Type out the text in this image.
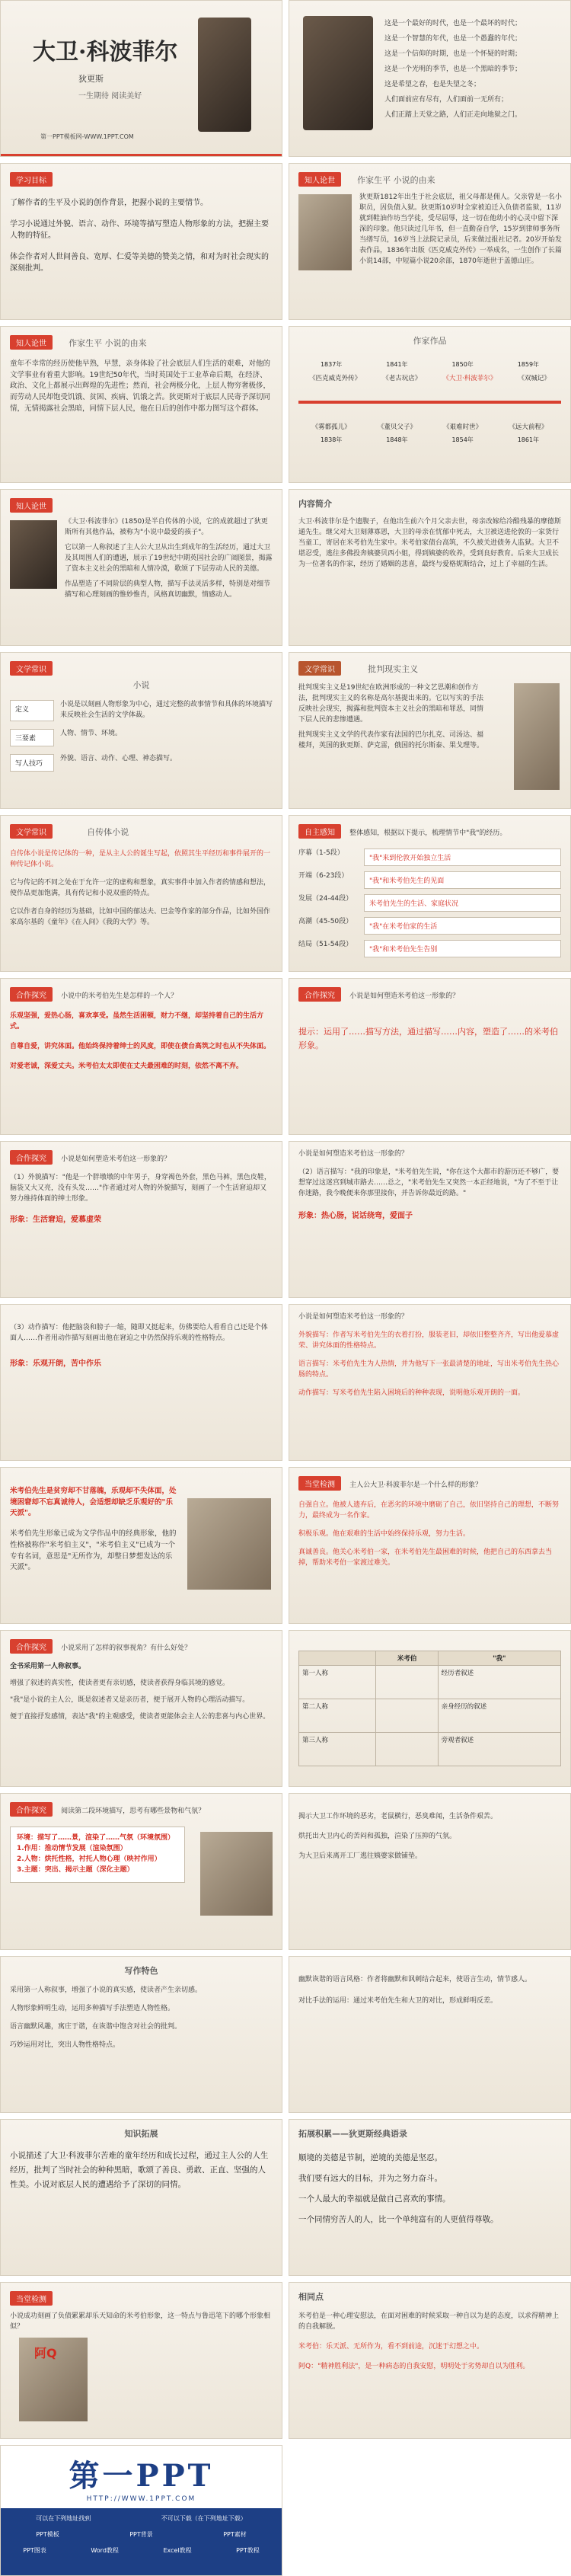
大卫·科波菲尔
狄更斯
一生期待 阅读美好
第一PPT模板网-WWW.1PPT.COM
这是一个最好的时代，也是一个最坏的时代；
这是一个智慧的年代，也是一个愚蠢的年代；
这是一个信仰的时期，也是一个怀疑的时期；
这是一个光明的季节，也是一个黑暗的季节；
这是希望之春，也是失望之冬；
人们面前应有尽有，人们面前一无所有；
人们正踏上天堂之路，人们正走向地狱之门。
学习目标
了解作者的生平及小说的创作背景，把握小说的主要情节。
学习小说通过外貌、语言、动作、环境等描写塑造人物形象的方法，把握主要人物的特征。
体会作者对人世间善良、宽厚、仁爱等美德的赞美之情，和对为时社会现实的深刻批判。
知人论世	作家生平 小说的由来
狄更斯1812年出生于社会底层，祖父母都是佣人。父亲曾是一名小职员，因负债入狱。狄更斯10岁时全家被迫迁入负债者监狱，11岁就到鞋油作坊当学徒，受尽屈辱，这一切在他幼小的心灵中留下深深的印象。他只读过几年书，但一直勤奋自学，15岁到律师事务所当缮写员，16岁当上法院记录员，后来做过报社记者。20岁开始发表作品，1836年出版《匹克威克外传》一举成名，一生创作了长篇小说14部，中短篇小说20余部，1870年逝世于盖德山庄。
知人论世	作家生平 小说的由来
童年不幸常的经历使他早熟，早慧，亲身体验了社会底层人们生活的艰难，对他的文学事业有着重大影响。19世纪50年代，当时英国处于工业革命后期，在经济、政治、文化上都展示出辉煌的先进性；然而，社会两极分化，上层人物穷奢极侈，而劳动人民却饱受饥饿、贫困、疾病、饥饿之苦。狄更斯对于底层人民寄予深切同情，无情揭露社会黑暗，同情下层人民，他在日后的创作中都力图写这个群体。
作家作品
1837年	1841年	1850年	1859年
《匹克威克外传》	《老古玩店》	《大卫·科波菲尔》	《双城记》
《雾都孤儿》	《董贝父子》	《艰难时世》	《远大前程》
1838年	1848年	1854年	1861年
知人论世
《大卫·科波菲尔》(1850)是半自传体的小说，它的成就超过了狄更斯所有其他作品，被称为"小说中最爱的孩子"。
它以第一人称叙述了主人公大卫从出生到成年的生活经历，通过大卫及其周围人们的遭遇，展示了19世纪中期英国社会的广阔图景，揭露了资本主义社会的黑暗和人情冷漠，歌颂了下层劳动人民的美德。
作品塑造了不同阶层的典型人物，描写手法灵活多样，特别是对细节描写和心理刻画的惟妙惟肖，风格真切幽默，情感动人。
内容简介
大卫·科波菲尔是个遗腹子，在他出生前六个月父亲去世，母亲改嫁给冷酷残暴的摩德斯通先生。继父对大卫刻薄寡恩，大卫的母亲在忧郁中死去，大卫被送进伦敦的一家货行当童工，寄居在米考伯先生家中。米考伯家债台高筑，不久被关进债务人监狱。大卫不堪忍受，逃往多佛投奔姨婆贝西小姐，得到姨婆的收养，受到良好教育。后来大卫成长为一位著名的作家，经历了婚姻的悲喜，最终与爱格妮斯结合，过上了幸福的生活。
文学常识
小说
定义
小说是以刻画人物形象为中心，通过完整的故事情节和具体的环境描写来反映社会生活的文学体裁。
三要素
人物、情节、环境。
写人技巧
外貌、语言、动作、心理、神态描写。
文学常识	批判现实主义
批判现实主义是19世纪在欧洲形成的一种文艺思潮和创作方法，批判现实主义的名称是高尔基提出来的。它以写实的手法反映社会现实，揭露和批判资本主义社会的黑暗和罪恶，同情下层人民的悲惨遭遇。
批判现实主义文学的代表作家有法国的巴尔扎克、司汤达、福楼拜，英国的狄更斯、萨克雷，俄国的托尔斯泰、果戈理等。
文学常识	自传体小说
自传体小说是传记体的一种，是从主人公的诞生写起，依照其生平经历和事件展开的一种传记体小说。
它与传记的不同之处在于允许一定的虚构和想象，真实事件中加入作者的情感和想法，使作品更加饱满，具有传记和小说双重的特点。
它以作者自身的经历为基础，比如中国的郁达夫、巴金等作家的部分作品，比如外国作家高尔基的《童年》《在人间》《我的大学》等。
自主感知 整体感知，根据以下提示，梳理情节中"我"的经历。
序幕（1-5段）
"我"来到伦敦开始独立生活
开端（6-23段）
"我"和米考伯先生的见面
发展（24-44段）
米考伯先生的生活、家庭状况
高潮（45-50段）
"我"在米考伯家的生活
结局（51-54段）
"我"和米考伯先生告别
合作探究 小说中的米考伯先生是怎样的一个人？
乐观坚强，爱热心肠，喜欢享受。虽然生活困顿，财力不继，却坚持着自己的生活方式。
自尊自爱，讲究体面。他始终保持着绅士的风度，即使在债台高筑之时也从不失体面。
对爱老诚，深爱丈夫。米考伯太太即使在丈夫最困难的时刻，依然不离不弃。
合作探究 小说是如何塑造米考伯这一形象的？
提示：运用了……描写方法，通过描写……内容，塑造了……的米考伯形象。
合作探究 小说是如何塑造米考伯这一形象的？
（1）外貌描写："他是一个胖墩墩的中年男子，身穿褐色外套，黑色马裤，黑色皮鞋，脑袋又大又亮，没有头发……"作者通过对人物的外貌描写，刻画了一个生活窘迫却又努力维持体面的绅士形象。
形象：生活窘迫，爱慕虚荣
小说是如何塑造米考伯这一形象的？
（2）语言描写："我的印象是，"米考伯先生说，"你在这个大都市的游历还不够广，要想穿过这迷宫到城市路去……总之，"米考伯先生又突然一本正经地说，"为了不至于让你迷路，我今晚便来你那里接你，并告诉你最近的路。"
形象：热心肠，说话绕弯，爱面子
（3）动作描写：他把脑袋和膀子一缩，随即又挺起来，仿佛要给人看看自己还是个体面人……作者用动作描写刻画出他在窘迫之中仍然保持乐观的性格特点。
形象：乐观开朗，苦中作乐
小说是如何塑造米考伯这一形象的？
外貌描写：作者写米考伯先生的衣着打扮，服装老旧，却依旧整整齐齐，写出他爱慕虚荣、讲究体面的性格特点。
语言描写：米考伯先生为人热情，并为他写下一张最清楚的地址，写出米考伯先生热心肠的特点。
动作描写：写米考伯先生陷入困境后的种种表现，说明他乐观开朗的一面。
米考伯先生是贫穷却不甘落魄，乐观却不失体面，处境困窘却不忘真诚待人，会适想却缺乏乐观好的"乐天派"。
米考伯先生形象已成为文学作品中的经典形象，他的性格被称作"米考伯主义"，"米考伯主义"已成为一个专有名词，意思是"无所作为，却整日梦想发达的乐天派"。
当堂检测 主人公大卫·科波菲尔是一个什么样的形象？
自强自立。他被人遗弃后，在恶劣的环境中磨砺了自己，依旧坚持自己的理想，不断努力，最终成为一名作家。
积极乐观。他在艰难的生活中始终保持乐观，努力生活。
真诚善良。他关心米考伯一家，在米考伯先生最困难的时候，他把自己的东西拿去当掉，帮助米考伯一家渡过难关。
合作探究 小说采用了怎样的叙事视角？有什么好处？
全书采用第一人称叙事。
增强了叙述的真实性，使读者更有亲切感，使读者获得身临其境的感觉。
"我"是小说的主人公，既是叙述者又是亲历者，便于展开人物的心理活动描写。
便于直接抒发感情，表达"我"的主观感受，使读者更能体会主人公的悲喜与内心世界。
	米考伯	"我"
第一人称		经历者叙述
第二人称		亲身经历的叙述
第三人称		旁观者叙述
合作探究 阅读第二段环境描写，思考有哪些景物和气氛？
环境：描写了……景，渲染了……气氛（环境氛围）
1.作用：推动情节发展（渲染氛围）
2.人物：烘托性格，衬托人物心理（映衬作用）
3.主题：突出、揭示主题（深化主题）
揭示大卫工作环境的恶劣，老鼠横行，恶臭难闻，生活条件艰苦。
烘托出大卫内心的苦闷和孤独，渲染了压抑的气氛。
为大卫后来离开工厂逃往姨婆家做铺垫。
写作特色
采用第一人称叙事，增强了小说的真实感，使读者产生亲切感。
人物形象鲜明生动，运用多种描写手法塑造人物性格。
语言幽默风趣，寓庄于谐，在诙谐中饱含对社会的批判。
巧妙运用对比，突出人物性格特点。
幽默诙谐的语言风格：作者将幽默和讽刺结合起来，使语言生动，情节感人。
对比手法的运用：通过米考伯先生和大卫的对比，形成鲜明反差。
知识拓展
小说描述了大卫·科波菲尔苦难的童年经历和成长过程，通过主人公的人生经历，批判了当时社会的种种黑暗，歌颂了善良、勇敢、正直、坚强的人性美。小说对底层人民的遭遇给予了深切的同情。
拓展积累——狄更斯经典语录
顺境的美德是节制，逆境的美德是坚忍。
我们要有远大的目标，并为之努力奋斗。
一个人最大的幸福就是做自己喜欢的事情。
一个同情穷苦人的人，比一个单纯富有的人更值得尊敬。
当堂检测
小说成功刻画了负债累累却乐天知命的米考伯形象，这一特点与鲁迅笔下的哪个形象相似？
阿Q
相同点
米考伯是一种心理安慰法，在面对困难的时候采取一种自以为是的态度，以求得精神上的自我解脱。
米考伯：乐天派、无所作为，看不到前途，沉迷于幻想之中。
阿Q："精神胜利法"，是一种病态的自我安慰，明明处于劣势却自以为胜利。
第一PPT
HTTP://WWW.1PPT.COM
可以在下列地址找到	不可以下载（在下列地址下载）
PPT模板	PPT背景	PPT素材
PPT图表	Word教程	Excel教程	PPT教程
